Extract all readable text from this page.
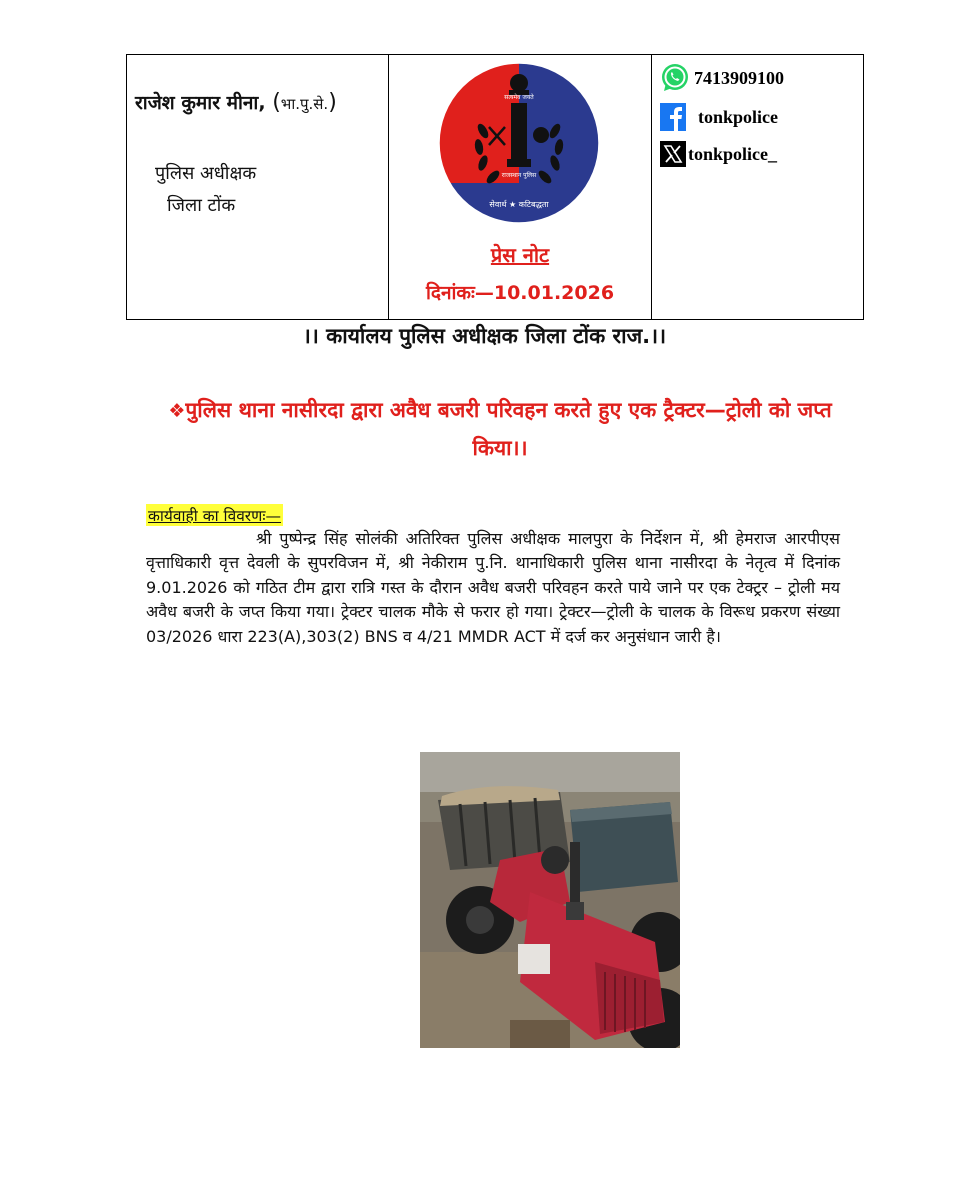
राजेश कुमार मीना, (भा.पु.से.)
पुलिस अधीक्षक
जिला टोंक
सत्यमेव जयते
राजस्थान पुलिस
सेवार्थ ★ कटिबद्धता
प्रेस नोट
दिनांकः—10.01.2026
7413909100
tonkpolice
tonkpolice_
।। कार्यालय पुलिस अधीक्षक जिला टोंक राज.।।
❖पुलिस थाना नासीरदा द्वारा अवैध बजरी परिवहन करते हुए एक ट्रैक्टर—ट्रोली को जप्त किया।।
कार्यवाही का विवरणः—
श्री पुष्पेन्द्र सिंह सोलंकी अतिरिक्त पुलिस अधीक्षक मालपुरा के निर्देशन में, श्री हेमराज आरपीएस वृत्ताधिकारी वृत्त देवली के सुपरविजन में, श्री नेकीराम पु.नि. थानाधिकारी पुलिस थाना नासीरदा के नेतृत्व में दिनांक 9.01.2026 को गठित टीम द्वारा रात्रि गस्त के दौरान अवैध बजरी परिवहन करते पाये जाने पर एक टेक्ट्रर – ट्रोली मय अवैध बजरी के जप्त किया गया। ट्रेक्टर चालक मौके से फरार हो गया। ट्रेक्टर—ट्रोली के चालक के विरूध प्रकरण संख्या 03/2026 धारा 223(A),303(2) BNS व 4/21 MMDR ACT में दर्ज कर अनुसंधान जारी है।
